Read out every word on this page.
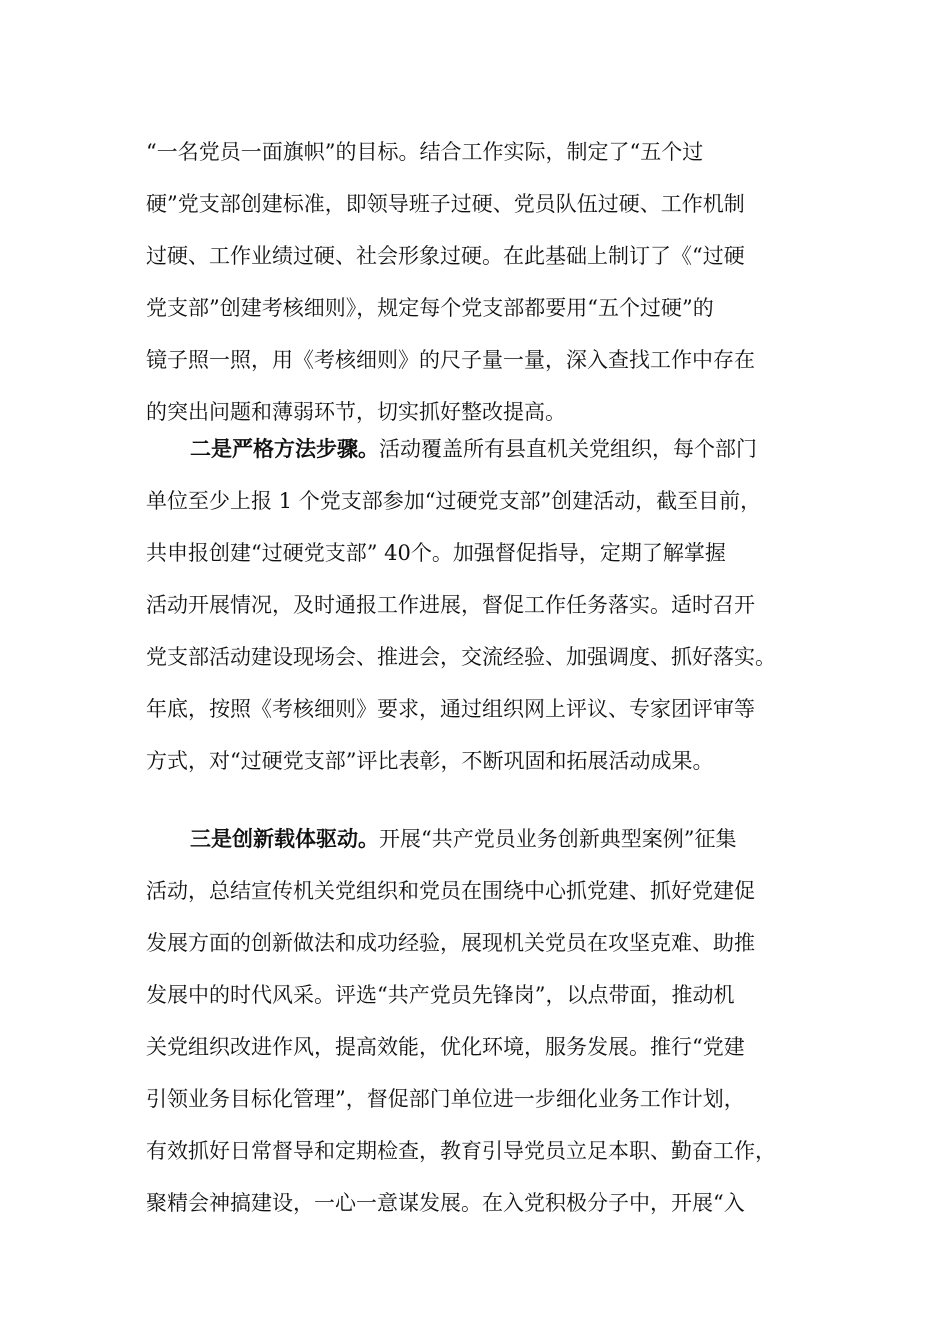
“一名党员一面旗帜”的目标。结合工作实际，制定了“五个过
硬”党支部创建标准，即领导班子过硬、党员队伍过硬、工作机制
过硬、工作业绩过硬、社会形象过硬。在此基础上制订了《“过硬
党支部”创建考核细则》，规定每个党支部都要用“五个过硬”的
镜子照一照，用《考核细则》的尺子量一量，深入查找工作中存在
的突出问题和薄弱环节，切实抓好整改提高。
二是严格方法步骤。活动覆盖所有县直机关党组织，每个部门
单位至少上报 1 个党支部参加“过硬党支部”创建活动，截至目前，
共申报创建“过硬党支部” 40个。加强督促指导，定期了解掌握
活动开展情况，及时通报工作进展，督促工作任务落实。适时召开
党支部活动建设现场会、推进会，交流经验、加强调度、抓好落实。
年底，按照《考核细则》要求，通过组织网上评议、专家团评审等
方式，对“过硬党支部”评比表彰，不断巩固和拓展活动成果。
三是创新载体驱动。开展“共产党员业务创新典型案例”征集
活动，总结宣传机关党组织和党员在围绕中心抓党建、抓好党建促
发展方面的创新做法和成功经验，展现机关党员在攻坚克难、助推
发展中的时代风采。评选“共产党员先锋岗”，以点带面，推动机
关党组织改进作风，提高效能，优化环境，服务发展。推行“党建
引领业务目标化管理”，督促部门单位进一步细化业务工作计划，
有效抓好日常督导和定期检查，教育引导党员立足本职、勤奋工作，
聚精会神搞建设，一心一意谋发展。在入党积极分子中，开展“入
